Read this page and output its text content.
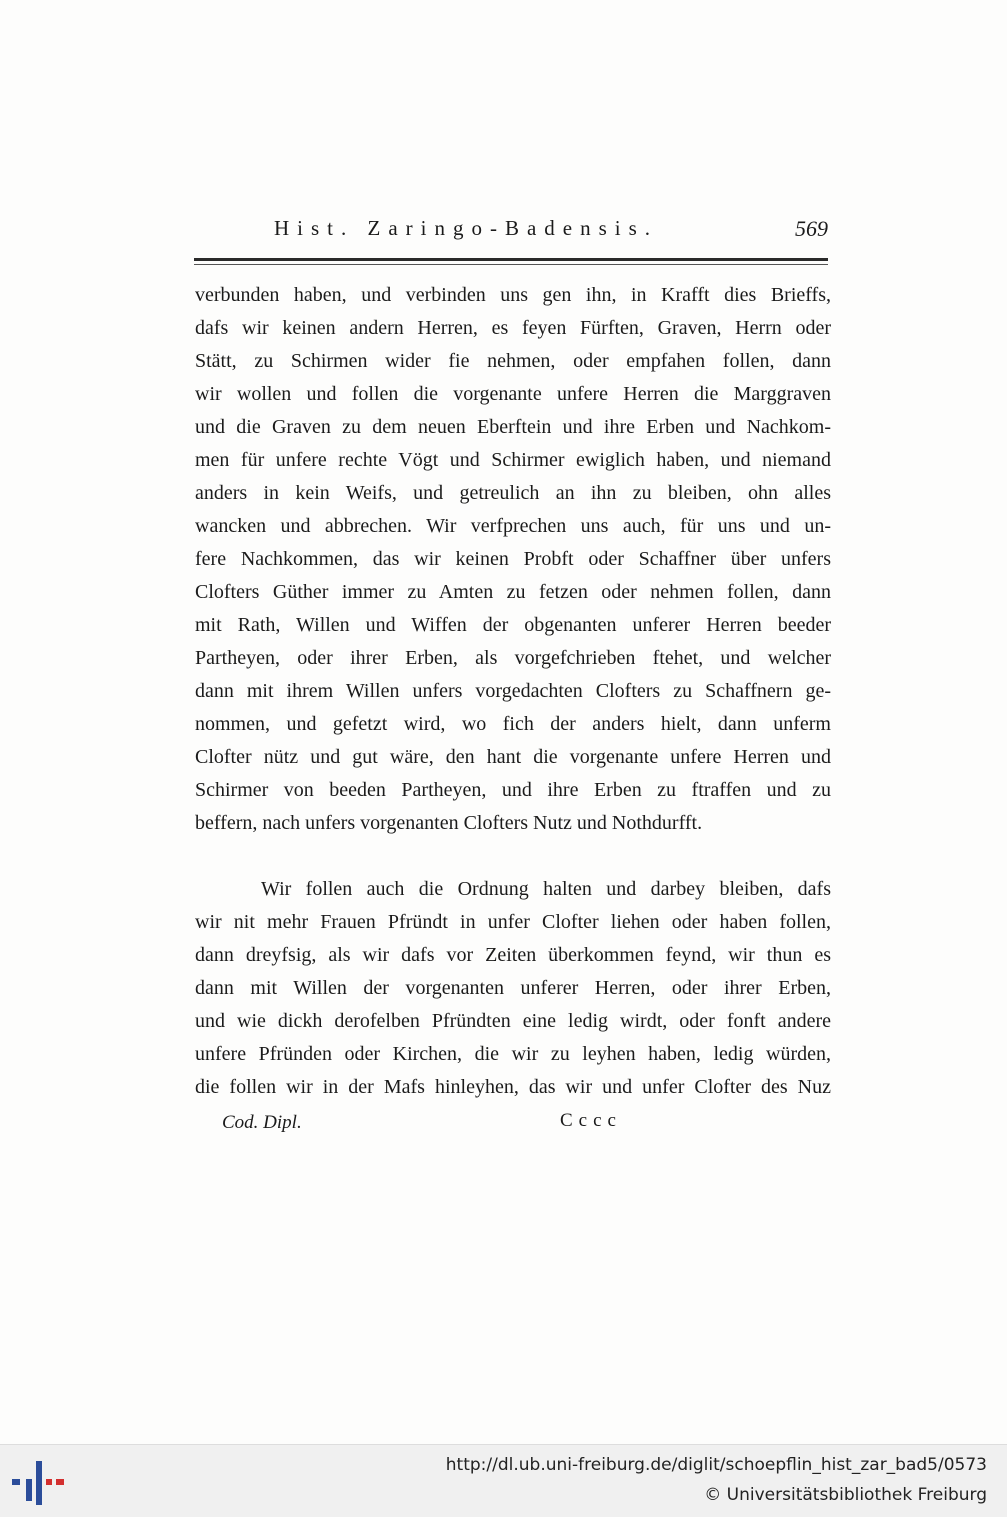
Hist. Zaringo-Badensis.	569
verbunden haben, und verbinden uns gen ihn, in Krafft dies Brieffs,
dafs wir keinen andern Herren, es feyen Fürften, Graven, Herrn oder
Stätt, zu Schirmen wider fie nehmen, oder empfahen follen, dann
wir wollen und follen die vorgenante unfere Herren die Marggraven
und die Graven zu dem neuen Eberftein und ihre Erben und Nachkom-
men für unfere rechte Vögt und Schirmer ewiglich haben, und niemand
anders in kein Weifs, und getreulich an ihn zu bleiben, ohn alles
wancken und abbrechen. Wir verfprechen uns auch, für uns und un-
fere Nachkommen, das wir keinen Probft oder Schaffner über unfers
Clofters Güther immer zu Amten zu fetzen oder nehmen follen, dann
mit Rath, Willen und Wiffen der obgenanten unferer Herren beeder
Partheyen, oder ihrer Erben, als vorgefchrieben ftehet, und welcher
dann mit ihrem Willen unfers vorgedachten Clofters zu Schaffnern ge-
nommen, und gefetzt wird, wo fich der anders hielt, dann unferm
Clofter nütz und gut wäre, den hant die vorgenante unfere Herren und
Schirmer von beeden Partheyen, und ihre Erben zu ftraffen und zu
beffern, nach unfers vorgenanten Clofters Nutz und Nothdurfft.
Wir follen auch die Ordnung halten und darbey bleiben, dafs
wir nit mehr Frauen Pfründt in unfer Clofter liehen oder haben follen,
dann dreyfsig, als wir dafs vor Zeiten überkommen feynd, wir thun es
dann mit Willen der vorgenanten unferer Herren, oder ihrer Erben,
und wie dickh derofelben Pfründten eine ledig wirdt, oder fonft andere
unfere Pfründen oder Kirchen, die wir zu leyhen haben, ledig würden,
die follen wir in der Mafs hinleyhen, das wir und unfer Clofter des Nuz
Cod. Dipl.	Cccc
http://dl.ub.uni-freiburg.de/diglit/schoepflin_hist_zar_bad5/0573
© Universitätsbibliothek Freiburg
